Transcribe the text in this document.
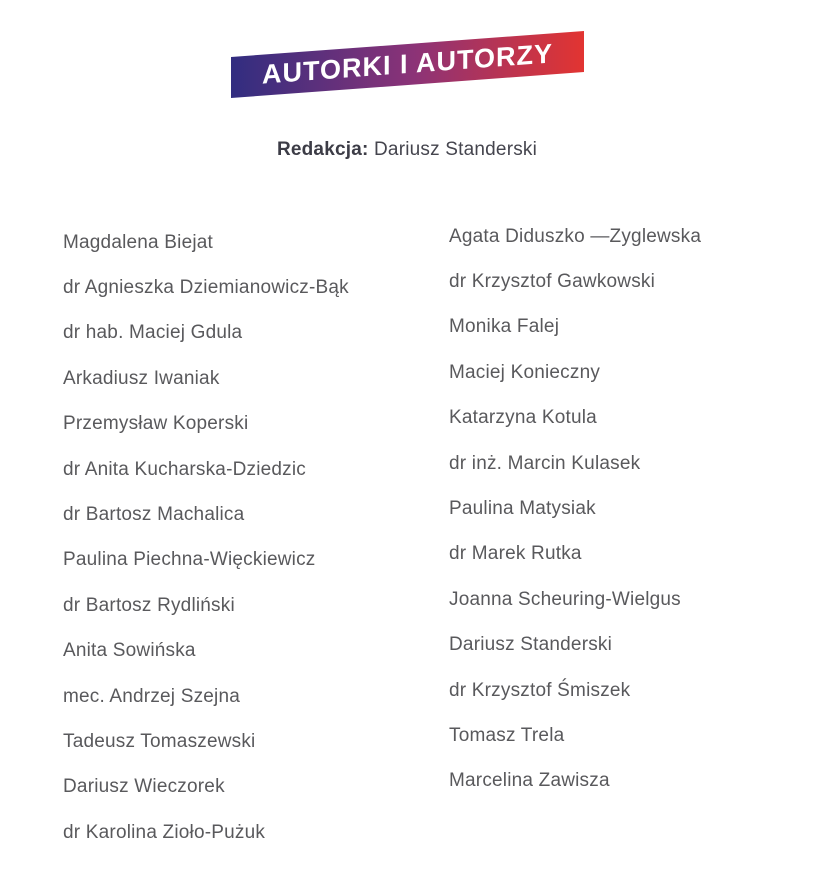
AUTORKI I AUTORZY

Redakcja: Dariusz Standerski

Magdalena Biejat
dr Agnieszka Dziemianowicz-Bąk
dr hab. Maciej Gdula
Arkadiusz Iwaniak
Przemysław Koperski
dr Anita Kucharska-Dziedzic
dr Bartosz Machalica
Paulina Piechna-Więckiewicz
dr Bartosz Rydliński
Anita Sowińska
mec. Andrzej Szejna
Tadeusz Tomaszewski
Dariusz Wieczorek
dr Karolina Zioło-Pużuk
Agata Diduszko —Zyglewska
dr Krzysztof Gawkowski
Monika Falej
Maciej Konieczny
Katarzyna Kotula
dr inż. Marcin Kulasek
Paulina Matysiak
dr Marek Rutka
Joanna Scheuring-Wielgus
Dariusz Standerski
dr Krzysztof Śmiszek
Tomasz Trela
Marcelina Zawisza
